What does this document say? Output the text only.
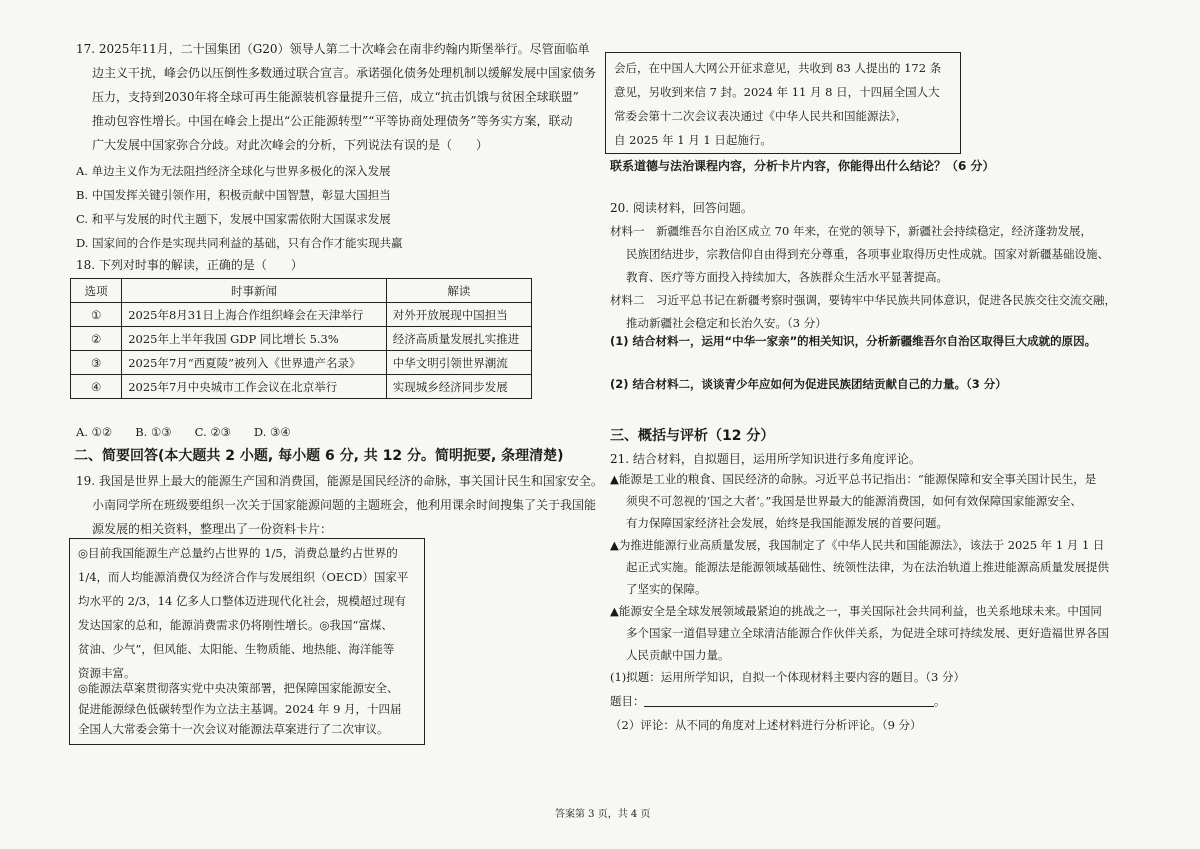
17. 2025年11月，二十国集团（G20）领导人第二十次峰会在南非约翰内斯堡举行。尽管面临单
边主义干扰，峰会仍以压倒性多数通过联合宣言。承诺强化债务处理机制以缓解发展中国家债务
压力，支持到2030年将全球可再生能源装机容量提升三倍，成立“抗击饥饿与贫困全球联盟”
推动包容性增长。中国在峰会上提出“公正能源转型”“平等协商处理债务”等务实方案，联动
广大发展中国家弥合分歧。对此次峰会的分析，下列说法有误的是（　　）
A. 单边主义作为无法阻挡经济全球化与世界多极化的深入发展
B. 中国发挥关键引领作用，积极贡献中国智慧，彰显大国担当
C. 和平与发展的时代主题下，发展中国家需依附大国谋求发展
D. 国家间的合作是实现共同利益的基础，只有合作才能实现共赢
18. 下列对时事的解读，正确的是（　　）
选项	时事新闻	解读
①	2025年8月31日上海合作组织峰会在天津举行	对外开放展现中国担当
②	2025年上半年我国 GDP 同比增长 5.3%	经济高质量发展扎实推进
③	2025年7月“西夏陵”被列入《世界遗产名录》	中华文明引领世界潮流
④	2025年7月中央城市工作会议在北京举行	实现城乡经济同步发展
A. ①②　　B. ①③　　C. ②③　　D. ③④
二、简要回答(本大题共 2 小题, 每小题 6 分, 共 12 分。简明扼要, 条理清楚)
19. 我国是世界上最大的能源生产国和消费国，能源是国民经济的命脉，事关国计民生和国家安全。
小南同学所在班级要组织一次关于国家能源问题的主题班会，他利用课余时间搜集了关于我国能
源发展的相关资料，整理出了一份资料卡片：
◎目前我国能源生产总量约占世界的 1/5，消费总量约占世界的
1/4，而人均能源消费仅为经济合作与发展组织（OECD）国家平
均水平的 2/3，14 亿多人口整体迈进现代化社会，规模超过现有
发达国家的总和，能源消费需求仍将刚性增长。◎我国“富煤、
贫油、少气”，但风能、太阳能、生物质能、地热能、海洋能等
资源丰富。
◎能源法草案贯彻落实党中央决策部署，把保障国家能源安全、
促进能源绿色低碳转型作为立法主基调。2024 年 9 月，十四届
全国人大常委会第十一次会议对能源法草案进行了二次审议。
会后，在中国人大网公开征求意见，共收到 83 人提出的 172 条
意见，另收到来信 7 封。2024 年 11 月 8 日，十四届全国人大
常委会第十二次会议表决通过《中华人民共和国能源法》，
自 2025 年 1 月 1 日起施行。
联系道德与法治课程内容，分析卡片内容，你能得出什么结论？（6 分）
20. 阅读材料，回答问题。
材料一　新疆维吾尔自治区成立 70 年来，在党的领导下，新疆社会持续稳定，经济蓬勃发展，
民族团结进步，宗教信仰自由得到充分尊重，各项事业取得历史性成就。国家对新疆基础设施、
教育、医疗等方面投入持续加大，各族群众生活水平显著提高。
材料二　习近平总书记在新疆考察时强调，要铸牢中华民族共同体意识，促进各民族交往交流交融，
推动新疆社会稳定和长治久安。（3 分）
(1) 结合材料一，运用“中华一家亲”的相关知识，分析新疆维吾尔自治区取得巨大成就的原因。
(2) 结合材料二，谈谈青少年应如何为促进民族团结贡献自己的力量。（3 分）
三、概括与评析（12 分）
21. 结合材料，自拟题目，运用所学知识进行多角度评论。
▲能源是工业的粮食、国民经济的命脉。习近平总书记指出：“能源保障和安全事关国计民生，是
须臾不可忽视的‘国之大者’。”我国是世界最大的能源消费国，如何有效保障国家能源安全、
有力保障国家经济社会发展，始终是我国能源发展的首要问题。
▲为推进能源行业高质量发展，我国制定了《中华人民共和国能源法》，该法于 2025 年 1 月 1 日
起正式实施。能源法是能源领域基础性、统领性法律，为在法治轨道上推进能源高质量发展提供
了坚实的保障。
▲能源安全是全球发展领域最紧迫的挑战之一，事关国际社会共同利益，也关系地球未来。中国同
多个国家一道倡导建立全球清洁能源合作伙伴关系，为促进全球可持续发展、更好造福世界各国
人民贡献中国力量。
(1)拟题：运用所学知识，自拟一个体现材料主要内容的题目。（3 分）
题目：	。
（2）评论：从不同的角度对上述材料进行分析评论。（9 分）
答案第 3 页，共 4 页
